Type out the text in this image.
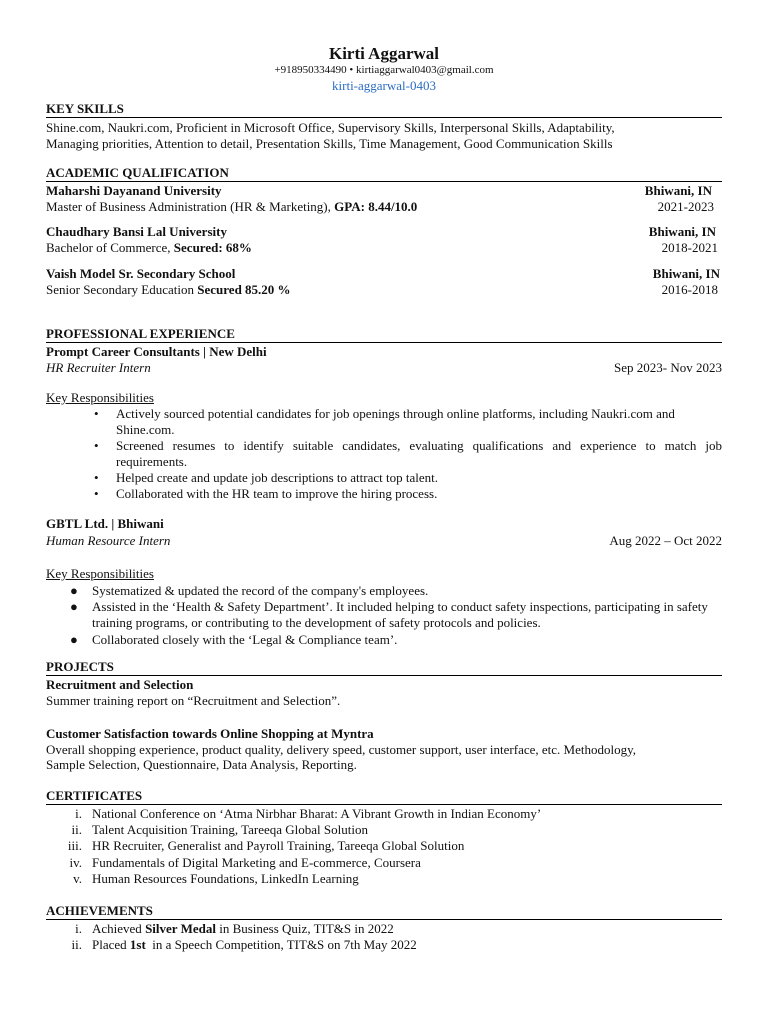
Kirti Aggarwal
+918950334490 • kirtiaggarwal0403@gmail.com
kirti-aggarwal-0403
KEY SKILLS
Shine.com, Naukri.com, Proficient in Microsoft Office, Supervisory Skills, Interpersonal Skills, Adaptability,
Managing priorities, Attention to detail, Presentation Skills, Time Management, Good Communication Skills
ACADEMIC QUALIFICATION
Maharshi Dayanand University	Bhiwani, IN
Master of Business Administration (HR & Marketing), GPA: 8.44/10.0	2021-2023
Chaudhary Bansi Lal University	Bhiwani, IN
Bachelor of Commerce, Secured: 68%	2018-2021
Vaish Model Sr. Secondary School	Bhiwani, IN
Senior Secondary Education Secured 85.20 %	2016-2018
PROFESSIONAL EXPERIENCE
Prompt Career Consultants | New Delhi
HR Recruiter Intern	Sep 2023- Nov 2023
Key Responsibilities
• Actively sourced potential candidates for job openings through online platforms, including Naukri.com and Shine.com.
• Screened resumes to identify suitable candidates, evaluating qualifications and experience to match job requirements.
• Helped create and update job descriptions to attract top talent.
• Collaborated with the HR team to improve the hiring process.
GBTL Ltd. | Bhiwani
Human Resource Intern	Aug 2022 – Oct 2022
Key Responsibilities
● Systematized & updated the record of the company's employees.
● Assisted in the ‘Health & Safety Department’. It included helping to conduct safety inspections, participating in safety training programs, or contributing to the development of safety protocols and policies.
● Collaborated closely with the ‘Legal & Compliance team’.
PROJECTS
Recruitment and Selection
Summer training report on “Recruitment and Selection”.
Customer Satisfaction towards Online Shopping at Myntra
Overall shopping experience, product quality, delivery speed, customer support, user interface, etc. Methodology,
Sample Selection, Questionnaire, Data Analysis, Reporting.
CERTIFICATES
i. National Conference on ‘Atma Nirbhar Bharat: A Vibrant Growth in Indian Economy’
ii. Talent Acquisition Training, Tareeqa Global Solution
iii. HR Recruiter, Generalist and Payroll Training, Tareeqa Global Solution
iv. Fundamentals of Digital Marketing and E-commerce, Coursera
v. Human Resources Foundations, LinkedIn Learning
ACHIEVEMENTS
i. Achieved Silver Medal in Business Quiz, TIT&S in 2022
ii. Placed 1st  in a Speech Competition, TIT&S on 7th May 2022
